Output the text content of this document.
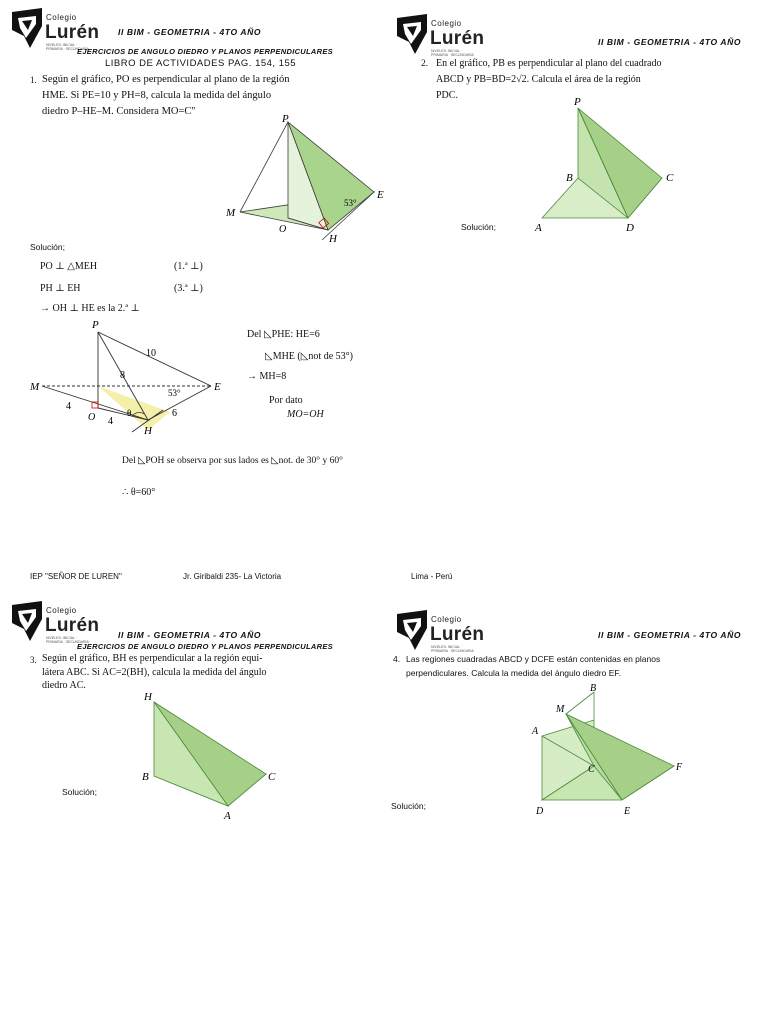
Colegio
Lurén
NIVELES: INICIAL · PRIMARIA · SECUNDARIA
II BIM - GEOMETRIA - 4TO AÑO
EJERCICIOS DE ANGULO DIEDRO Y PLANOS PERPENDICULARES
LIBRO DE ACTIVIDADES PAG. 154, 155
1. Según el gráfico, PO es perpendicular al plano de la región
HME. Si PE=10 y PH=8, calcula la medida del ángulo
diedro P–HE–M. Considera MO=C''
P
M
O
E
H
53°
Solución;
PO ⊥ △MEH	(1.ª ⊥)
PH ⊥ EH	(3.ª ⊥)
→ OH ⊥ HE es la 2.ª ⊥
P
M
O
E
H
53°
θ
10
8
6
4
4
Del ◺PHE: HE=6
◺MHE (◺not de 53°)
→ MH=8
Por dato
MO=OH
Del ◺POH se observa por sus lados es ◺not. de 30° y 60°
∴ θ=60°
Colegio
Lurén
NIVELES: INICIAL · PRIMARIA · SECUNDARIA
II BIM - GEOMETRIA - 4TO AÑO
2. En el gráfico, PB es perpendicular al plano del cuadrado
ABCD y PB=BD=2√2. Calcula el área de la región
PDC.
P
B	C
A	D
Solución;
IEP "SEÑOR DE LUREN"	Jr. Giribaldi 235- La Victoria	Lima - Perú
Colegio
Lurén
NIVELES: INICIAL · PRIMARIA · SECUNDARIA
II BIM - GEOMETRIA - 4TO AÑO
EJERCICIOS DE ANGULO DIEDRO Y PLANOS PERPENDICULARES
3. Según el gráfico, BH es perpendicular a la región equi-
látera ABC. Si AC=2(BH), calcula la medida del ángulo
diedro AC.
H
B	C
A
Solución;
Colegio
Lurén
NIVELES: INICIAL · PRIMARIA · SECUNDARIA
II BIM - GEOMETRIA - 4TO AÑO
4. Las regiones cuadradas ABCD y DCFE están contenidas en planos
perpendiculares. Calcula la medida del ángulo diedro EF.
B
M
A
C	F
D	E
Solución;
